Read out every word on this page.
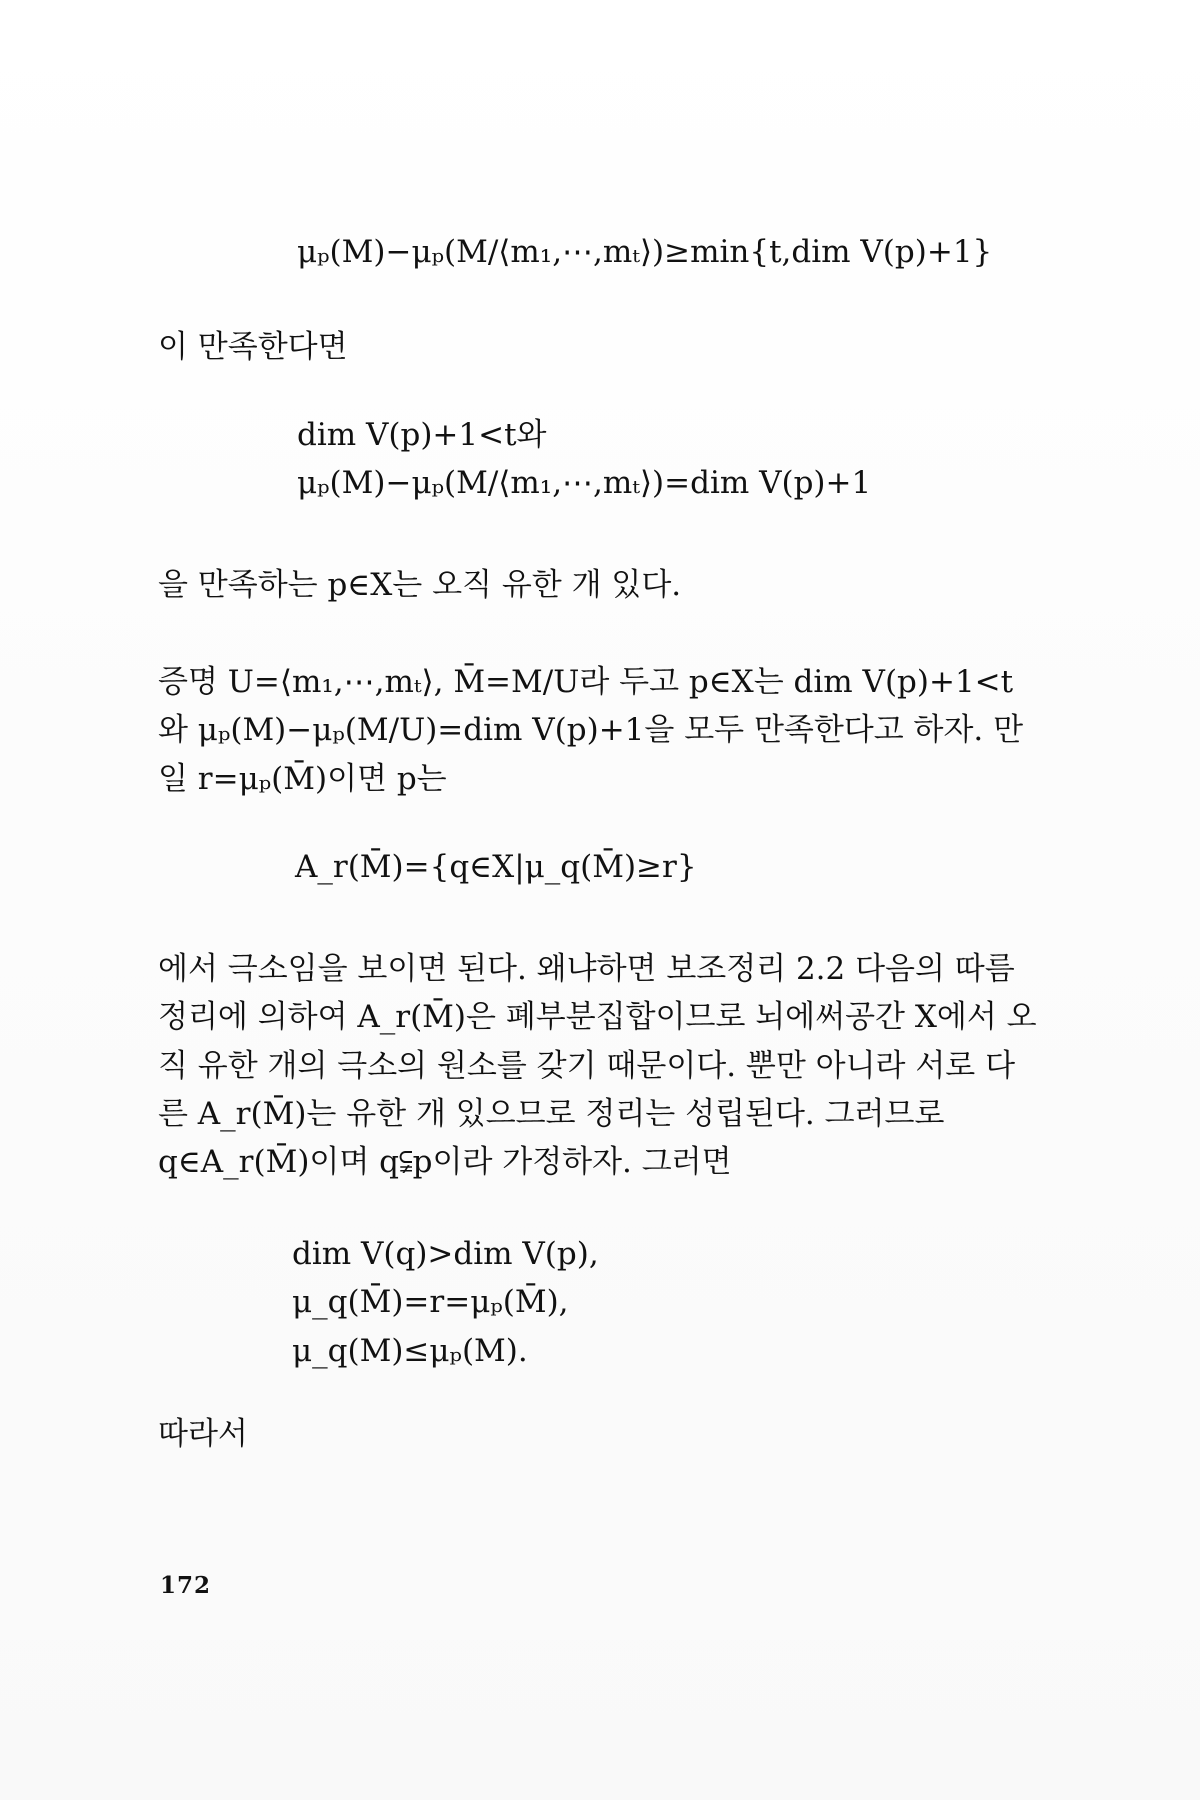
μₚ(M)−μₚ(M/⟨m₁,⋯,mₜ⟩)≥min{t,dim V(p)+1}

이 만족한다면

dim V(p)+1<t와
μₚ(M)−μₚ(M/⟨m₁,⋯,mₜ⟩)=dim V(p)+1

을 만족하는 p∈X는 오직 유한 개 있다.

증명 U=⟨m₁,⋯,mₜ⟩, M̄=M/U라 두고 p∈X는 dim V(p)+1<t와 μₚ(M)−μₚ(M/U)=dim V(p)+1을 모두 만족한다고 하자. 만일 r=μₚ(M̄)이면 p는

A_r(M̄)={q∈X|μ_q(M̄)≥r}

에서 극소임을 보이면 된다. 왜냐하면 보조정리 2.2 다음의 따름정리에 의하여 A_r(M̄)은 폐부분집합이므로 뇌에써공간 X에서 오직 유한 개의 극소의 원소를 갖기 때문이다. 뿐만 아니라 서로 다른 A_r(M̄)는 유한 개 있으므로 정리는 성립된다. 그러므로 q∈A_r(M̄)이며 q⫋p이라 가정하자. 그러면

dim V(q)>dim V(p),
μ_q(M̄)=r=μₚ(M̄),
μ_q(M)≤μₚ(M).

따라서

172
